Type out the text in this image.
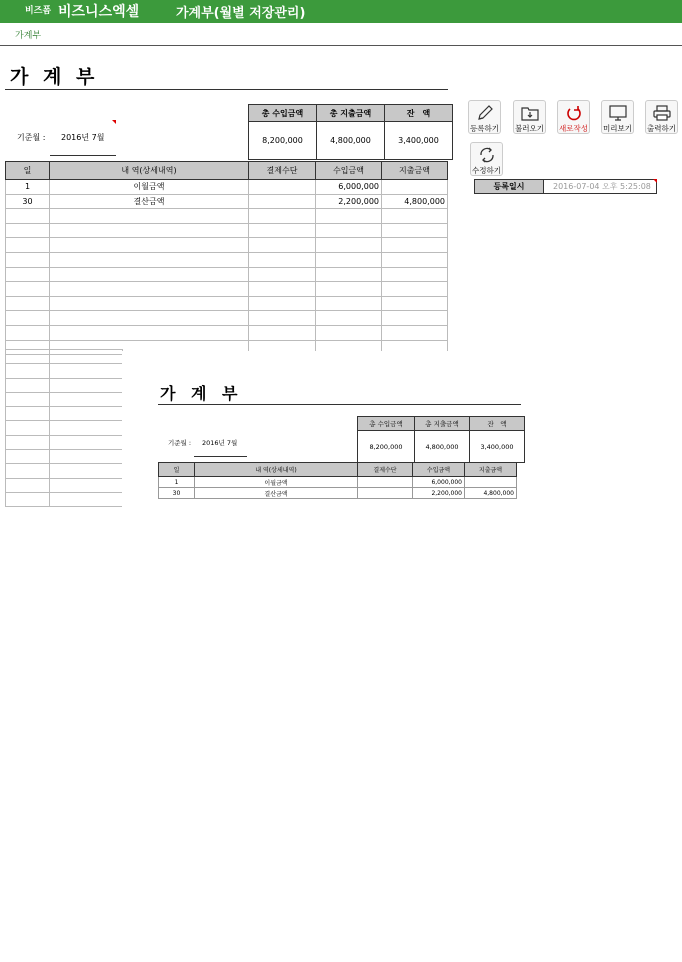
비즈폼 비즈니스엑셀	가계부(월별 저장관리)
가계부
가 계 부
총 수입금액	총 지출금액	잔　액
8,200,000	4,800,000	3,400,000
기준월 : 2016년 7월
일	내 역(상세내역)	결제수단	수입금액	지출금액
1	이월금액		6,000,000	
30	결산금액		2,200,000	4,800,000

등록하기	불러오기	새로작성	미리보기	출력하기
수정하기
등록일시	2016-07-04 오후 5:25:08
가 계 부
총 수입금액	총 지출금액	잔　액
8,200,000	4,800,000	3,400,000
기준월 : 2016년 7월
일	내 역(상세내역)	결제수단	수입금액	지출금액
1	이월금액		6,000,000	
30	결산금액		2,200,000	4,800,000
